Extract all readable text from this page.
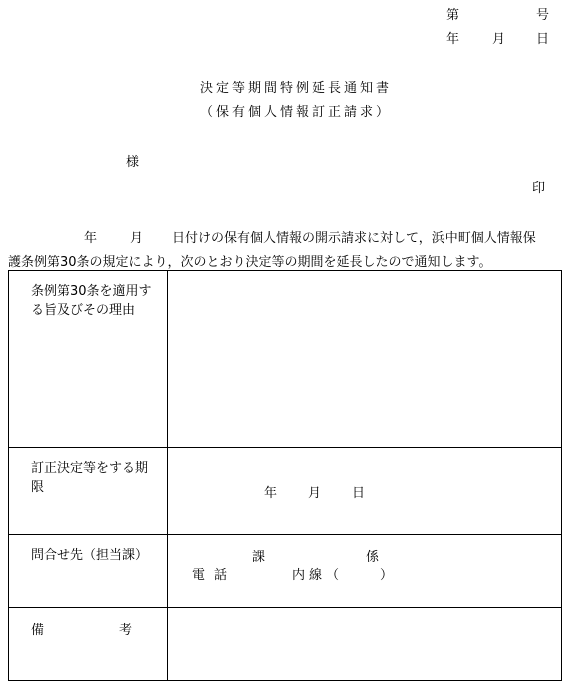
第	号
年	月 日
決定等期間特例延長通知書
（保有個人情報訂正請求）
様
印
年	月 日付けの保有個人情報の開示請求に対して，浜中町個人情報保
護条例第30条の規定により，次のとおり決定等の期間を延長したので通知します。
条例第30条を適用する旨及びその理由	

訂正決定等をする期限	年 月 日

問合せ先（担当課）	課 係
電話 内線（ ）

備 考	
